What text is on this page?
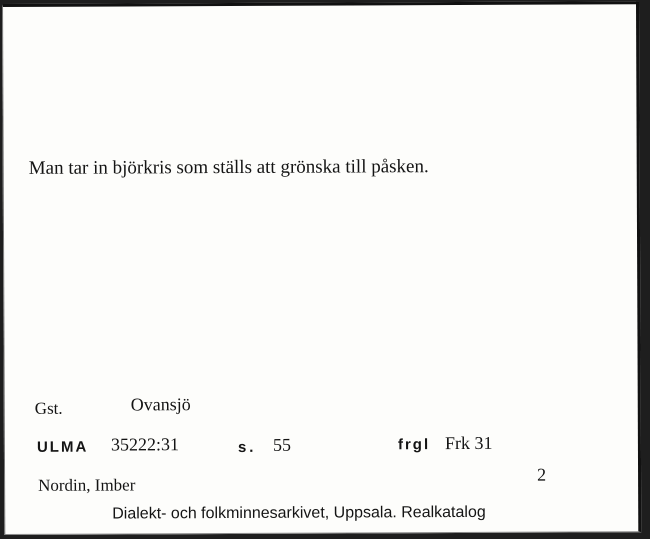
Man tar in björkris som ställs att grönska till påsken.
Gst.	Ovansjö
ULMA 35222:31	s. 55	frgl Frk 31
Nordin, Imber
2
Dialekt- och folkminnesarkivet, Uppsala. Realkatalog
